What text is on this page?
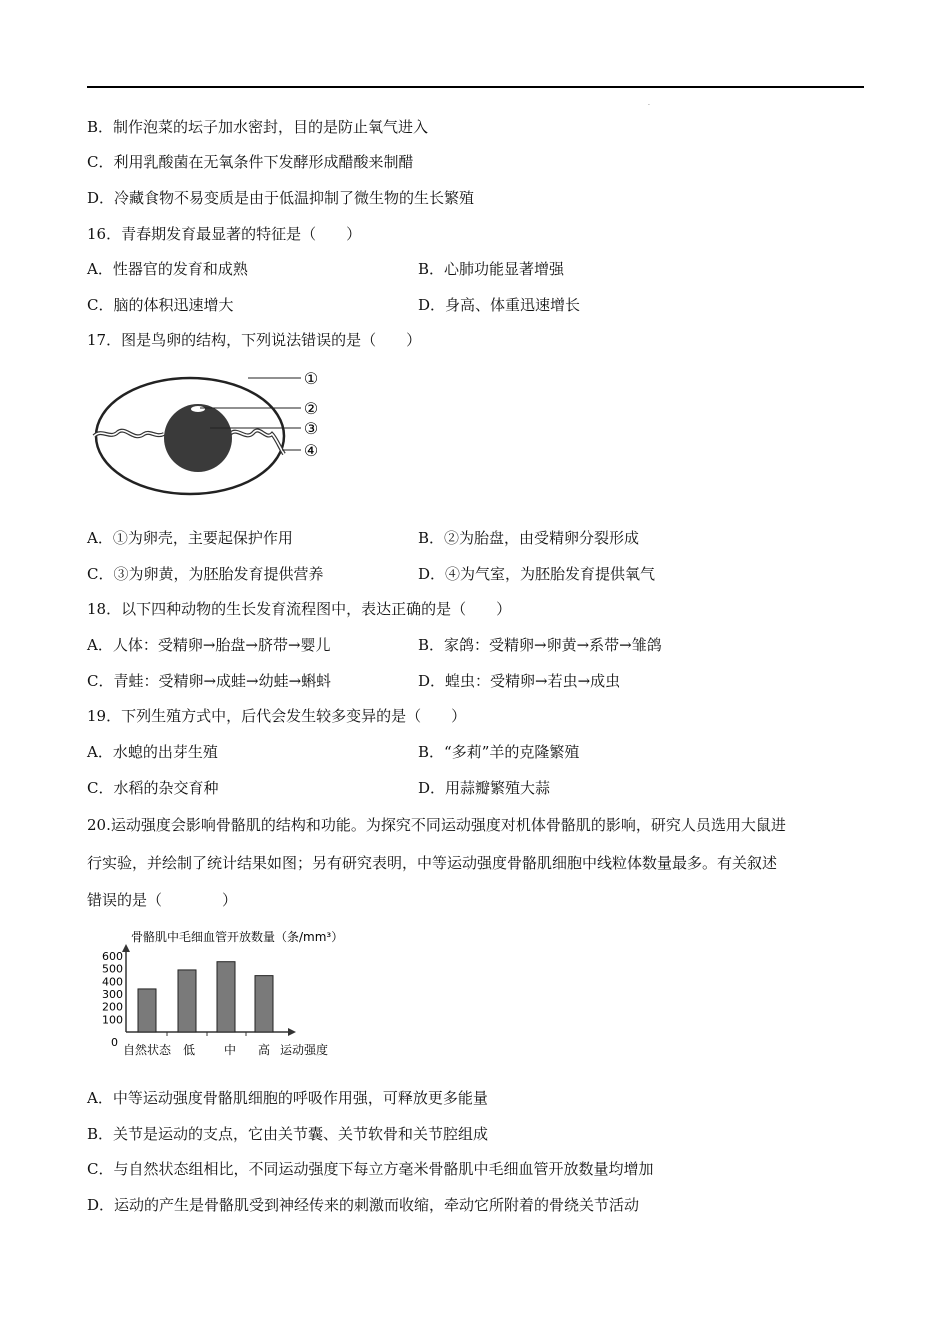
.
B．制作泡菜的坛子加水密封，目的是防止氧气进入
C．利用乳酸菌在无氧条件下发酵形成醋酸来制醋
D．冷藏食物不易变质是由于低温抑制了微生物的生长繁殖
16．青春期发育最显著的特征是（　　）
A．性器官的发育和成熟	B．心肺功能显著增强
C．脑的体积迅速增大	D．身高、体重迅速增长
17．图是鸟卵的结构，下列说法错误的是（　　）
①
②
③
④
A．①为卵壳，主要起保护作用	B．②为胎盘，由受精卵分裂形成
C．③为卵黄，为胚胎发育提供营养	D．④为气室，为胚胎发育提供氧气
18．以下四种动物的生长发育流程图中，表达正确的是（　　）
A．人体：受精卵→胎盘→脐带→婴儿	B．家鸽：受精卵→卵黄→系带→雏鸽
C．青蛙：受精卵→成蛙→幼蛙→蝌蚪	D．蝗虫：受精卵→若虫→成虫
19．下列生殖方式中，后代会发生较多变异的是（　　）
A．水螅的出芽生殖	B．“多莉”羊的克隆繁殖
C．水稻的杂交育种	D．用蒜瓣繁殖大蒜
20.运动强度会影响骨骼肌的结构和功能。为探究不同运动强度对机体骨骼肌的影响，研究人员选用大鼠进
行实验，并绘制了统计结果如图；另有研究表明，中等运动强度骨骼肌细胞中线粒体数量最多。有关叙述
错误的是（　　　　）
骨骼肌中毛细血管开放数量（条/mm³）
0
100
200
300
400
500
600
自然状态 低 中 高 运动强度
A．中等运动强度骨骼肌细胞的呼吸作用强，可释放更多能量
B．关节是运动的支点，它由关节囊、关节软骨和关节腔组成
C．与自然状态组相比，不同运动强度下每立方毫米骨骼肌中毛细血管开放数量均增加
D．运动的产生是骨骼肌受到神经传来的刺激而收缩，牵动它所附着的骨绕关节活动
